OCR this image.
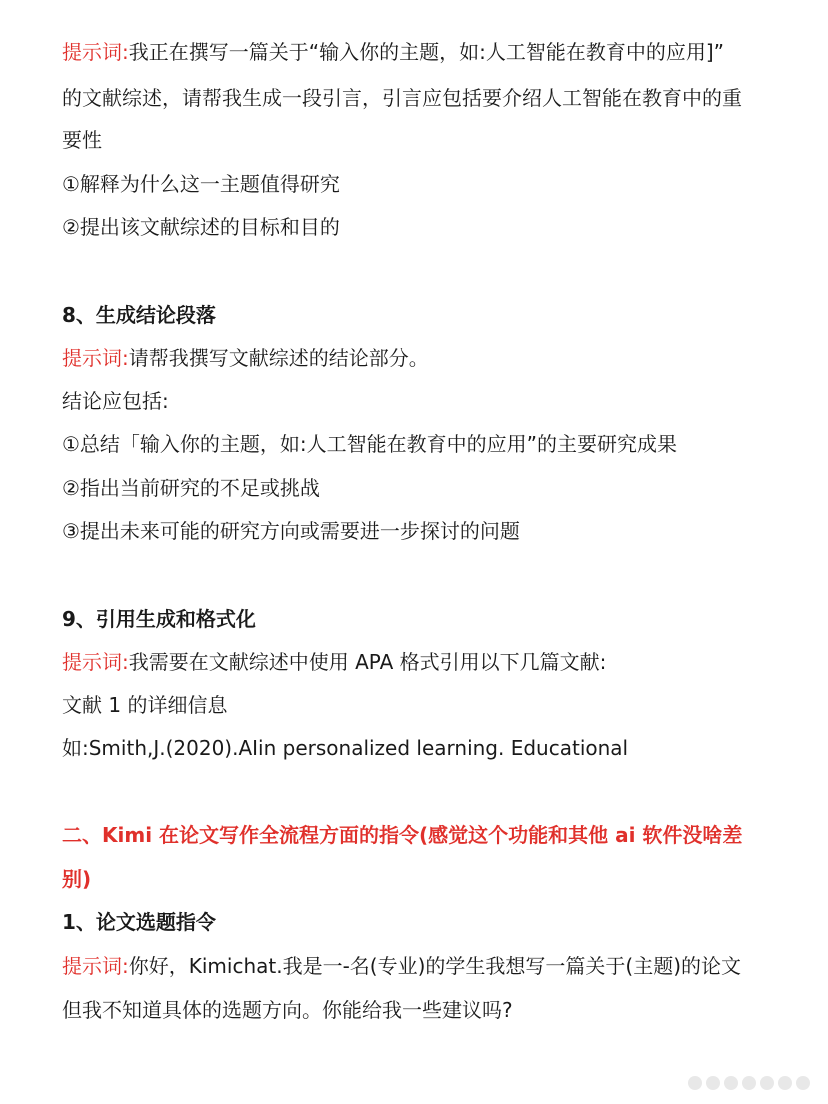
提示词:我正在撰写一篇关于“输入你的主题，如:人工智能在教育中的应用]”
的文献综述，请帮我生成一段引言，引言应包括要介绍人工智能在教育中的重
要性
①解释为什么这一主题值得研究
②提出该文献综述的目标和目的
8、生成结论段落
提示词:请帮我撰写文献综述的结论部分。
结论应包括:
①总结「输入你的主题，如:人工智能在教育中的应用”的主要研究成果
②指出当前研究的不足或挑战
③提出未来可能的研究方向或需要进一步探讨的问题
9、引用生成和格式化
提示词:我需要在文献综述中使用 APA 格式引用以下几篇文献:
文献 1 的详细信息
如:Smith,J.(2020).AIin personalized learning. Educational
二、Kimi 在论文写作全流程方面的指令(感觉这个功能和其他 ai 软件没啥差
别)
1、论文选题指令
提示词:你好，Kimichat.我是一-名(专业)的学生我想写一篇关于(主题)的论文
但我不知道具体的选题方向。你能给我一些建议吗?
